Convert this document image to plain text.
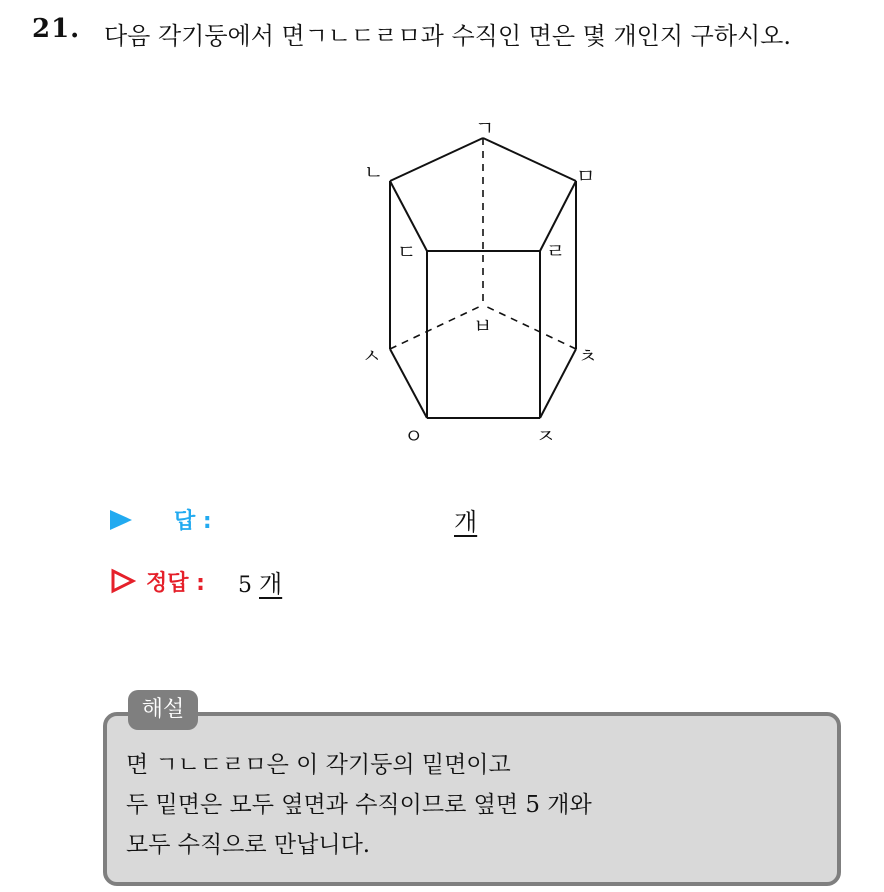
21. 다음 각기둥에서 면ㄱㄴㄷㄹㅁ과 수직인 면은 몇 개인지 구하시오.
ㄱ
ㄴ	ㅁ
ㄷ	ㄹ
ㅂ
ㅅ	ㅊ
ㅇ	ㅈ
답 :	개
정답 : 5 개
해설
면 ㄱㄴㄷㄹㅁ은 이 각기둥의 밑면이고
두 밑면은 모두 옆면과 수직이므로 옆면 5 개와
모두 수직으로 만납니다.
